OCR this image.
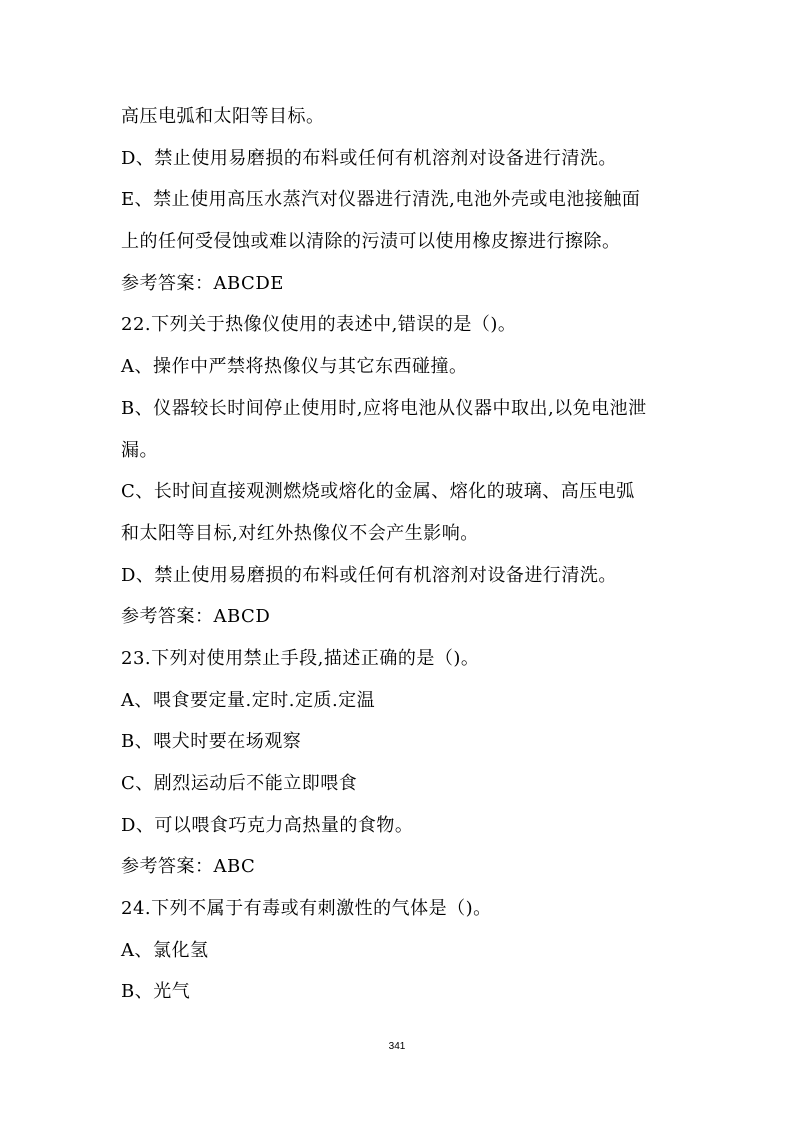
高压电弧和太阳等目标。
D、禁止使用易磨损的布料或任何有机溶剂对设备进行清洗。
E、禁止使用高压水蒸汽对仪器进行清洗,电池外壳或电池接触面
上的任何受侵蚀或难以清除的污渍可以使用橡皮擦进行擦除。
参考答案：ABCDE
22.下列关于热像仪使用的表述中,错误的是（)。
A、操作中严禁将热像仪与其它东西碰撞。
B、仪器较长时间停止使用时,应将电池从仪器中取出,以免电池泄
漏。
C、长时间直接观测燃烧或熔化的金属、熔化的玻璃、高压电弧
和太阳等目标,对红外热像仪不会产生影响。
D、禁止使用易磨损的布料或任何有机溶剂对设备进行清洗。
参考答案：ABCD
23.下列对使用禁止手段,描述正确的是（)。
A、喂食要定量.定时.定质.定温
B、喂犬时要在场观察
C、剧烈运动后不能立即喂食
D、可以喂食巧克力高热量的食物。
参考答案：ABC
24.下列不属于有毒或有刺激性的气体是（)。
A、氯化氢
B、光气
341
